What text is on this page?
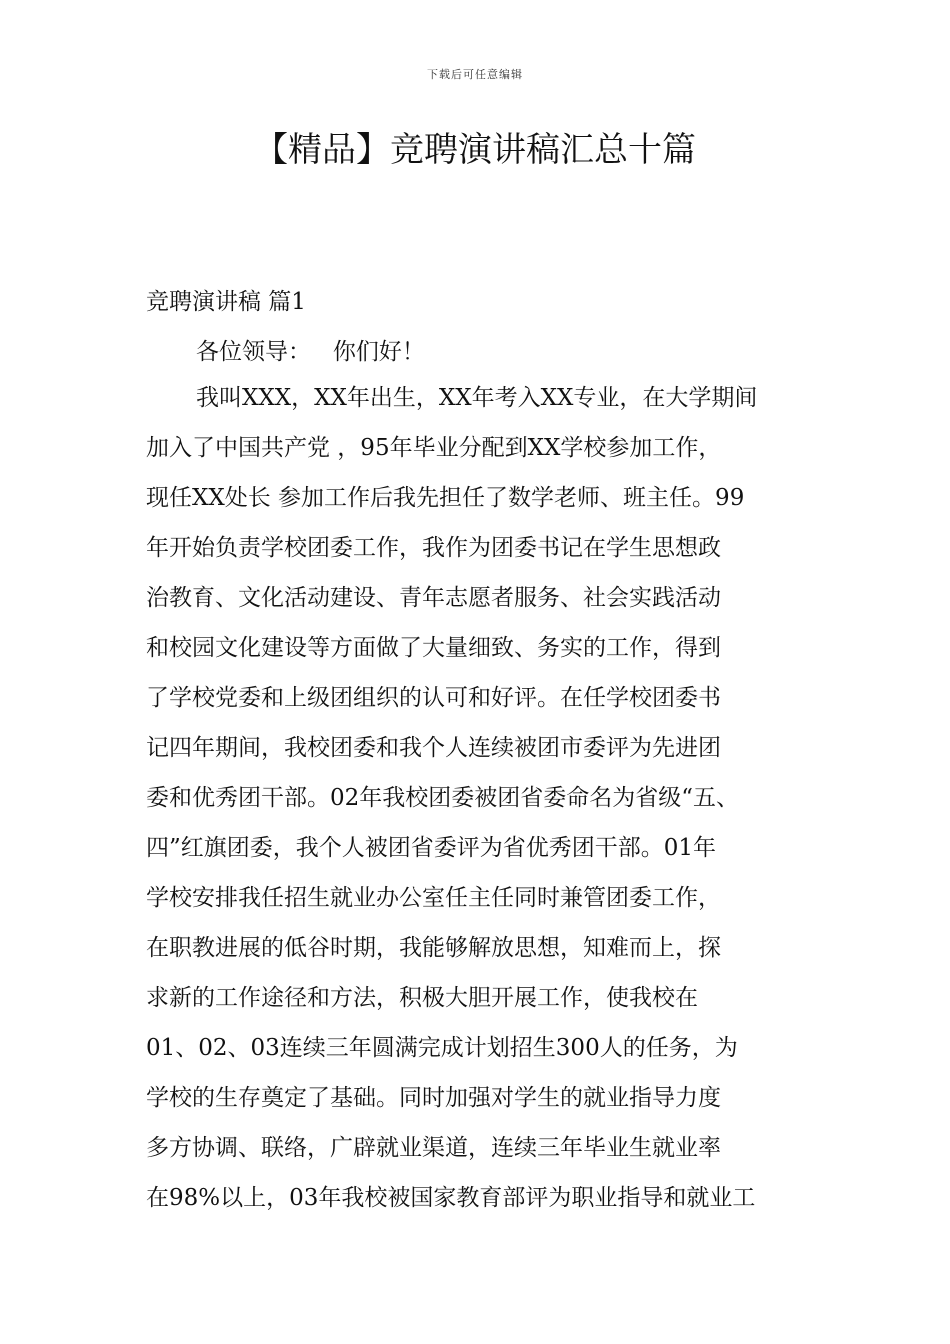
下载后可任意编辑
【精品】竞聘演讲稿汇总十篇
竞聘演讲稿 篇1
各位领导：   你们好！
我叫XXX，XX年出生，XX年考入XX专业，在大学期间
加入了中国共产党 ，95年毕业分配到XX学校参加工作，
现任XX处长 参加工作后我先担任了数学老师、班主任。99
年开始负责学校团委工作，我作为团委书记在学生思想政
治教育、文化活动建设、青年志愿者服务、社会实践活动
和校园文化建设等方面做了大量细致、务实的工作，得到
了学校党委和上级团组织的认可和好评。在任学校团委书
记四年期间，我校团委和我个人连续被团市委评为先进团
委和优秀团干部。02年我校团委被团省委命名为省级“五、
四”红旗团委，我个人被团省委评为省优秀团干部。01年
学校安排我任招生就业办公室任主任同时兼管团委工作，
在职教进展的低谷时期，我能够解放思想，知难而上，探
求新的工作途径和方法，积极大胆开展工作，使我校在
01、02、03连续三年圆满完成计划招生300人的任务，为
学校的生存奠定了基础。同时加强对学生的就业指导力度
多方协调、联络，广辟就业渠道，连续三年毕业生就业率
在98%以上，03年我校被国家教育部评为职业指导和就业工
